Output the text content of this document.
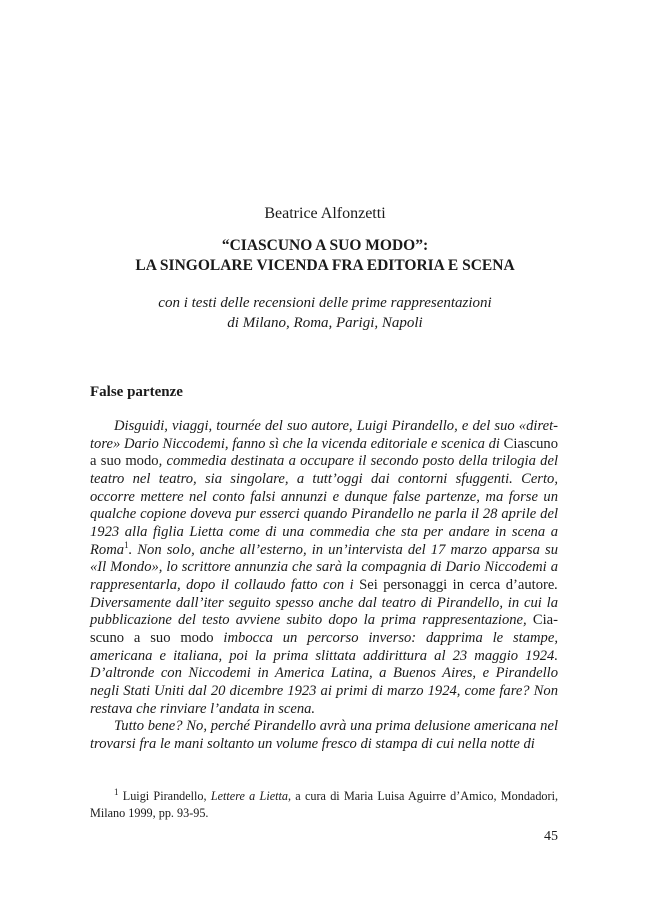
Beatrice Alfonzetti
“CIASCUNO A SUO MODO”:
LA SINGOLARE VICENDA FRA EDITORIA E SCENA
con i testi delle recensioni delle prime rappresentazioni
di Milano, Roma, Parigi, Napoli
False partenze

Disguidi, viaggi, tournée del suo autore, Luigi Pirandello, e del suo «direttore» Dario Niccodemi, fanno sì che la vicenda editoriale e scenica di Ciascuno a suo modo, commedia destinata a occupare il secondo posto della trilogia del teatro nel teatro, sia singolare, a tutt’oggi dai contorni sfuggenti. Certo, occorre mettere nel conto falsi annunzi e dunque false partenze, ma forse un qualche copione doveva pur esserci quando Pirandello ne parla il 28 aprile del 1923 alla figlia Lietta come di una commedia che sta per andare in scena a Roma$^1$. Non solo, anche all’esterno, in un’intervista del 17 marzo apparsa su «Il Mondo», lo scrittore annunzia che sarà la compagnia di Dario Niccodemi a rappresentarla, dopo il collaudo fatto con i Sei personaggi in cerca d’autore. Diversamente dall’iter seguito spesso anche dal teatro di Pirandello, in cui la pubblicazione del testo avviene subito dopo la prima rappresentazione, Ciascuno a suo modo imbocca un percorso inverso: dapprima le stampe, americana e italiana, poi la prima slittata addirittura al 23 maggio 1924. D’altronde con Niccodemi in America Latina, a Buenos Aires, e Pirandello negli Stati Uniti dal 20 dicembre 1923 ai primi di marzo 1924, come fare? Non restava che rinviare l’andata in scena.

Tutto bene? No, perché Pirandello avrà una prima delusione americana nel trovarsi fra le mani soltanto un volume fresco di stampa di cui nella notte di

$^1$ Luigi Pirandello, Lettere a Lietta, a cura di Maria Luisa Aguirre d’Amico, Mondadori, Milano 1999, pp. 93-95.

45
